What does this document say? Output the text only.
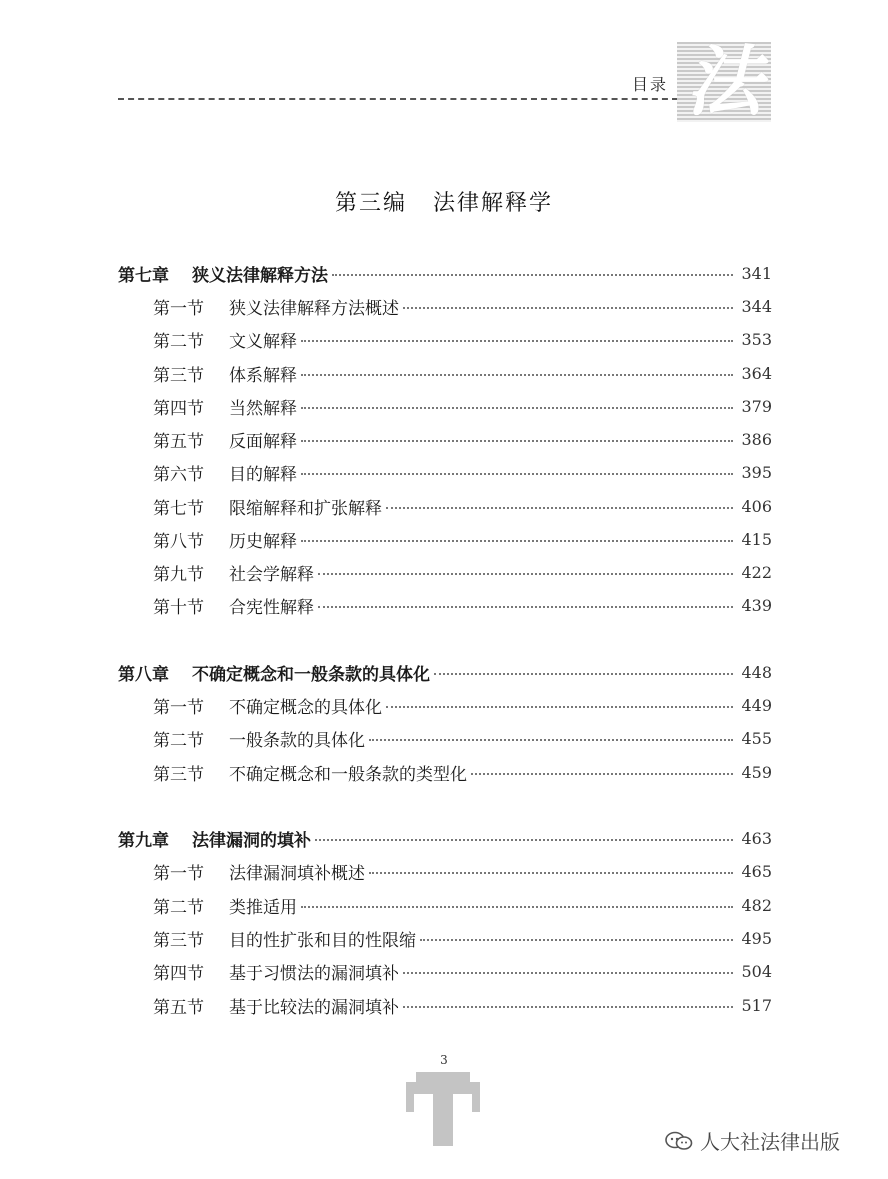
目录 法
第三编 法律解释学
第七章	狭义法律解释方法	341
第一节	狭义法律解释方法概述	344
第二节	文义解释	353
第三节	体系解释	364
第四节	当然解释	379
第五节	反面解释	386
第六节	目的解释	395
第七节	限缩解释和扩张解释	406
第八节	历史解释	415
第九节	社会学解释	422
第十节	合宪性解释	439
第八章	不确定概念和一般条款的具体化	448
第一节	不确定概念的具体化	449
第二节	一般条款的具体化	455
第三节	不确定概念和一般条款的类型化	459
第九章	法律漏洞的填补	463
第一节	法律漏洞填补概述	465
第二节	类推适用	482
第三节	目的性扩张和目的性限缩	495
第四节	基于习惯法的漏洞填补	504
第五节	基于比较法的漏洞填补	517
3
人大社法律出版
